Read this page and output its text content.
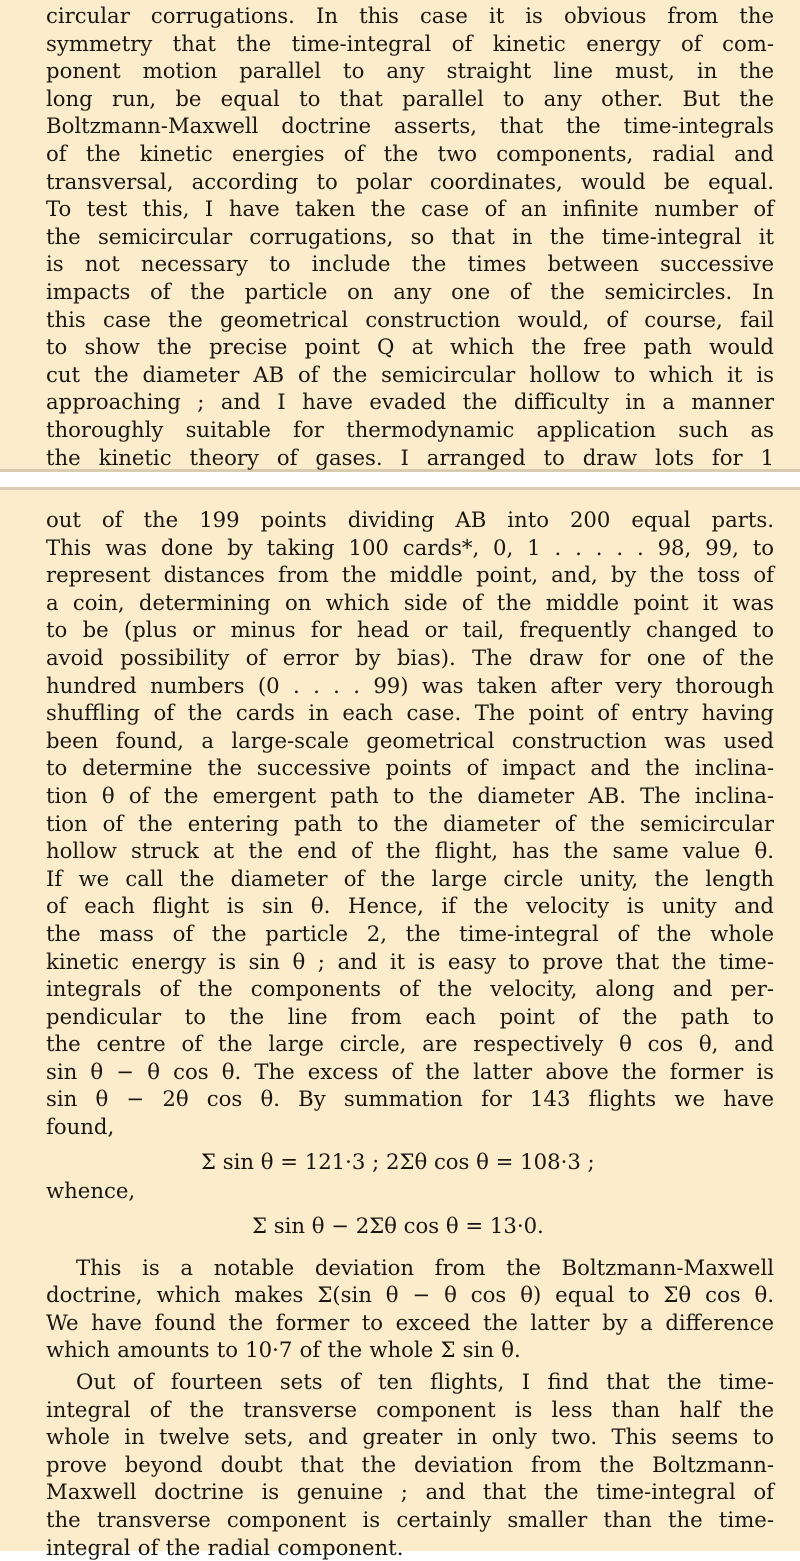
circular corrugations. In this case it is obvious from the
symmetry that the time-integral of kinetic energy of com-
ponent motion parallel to any straight line must, in the
long run, be equal to that parallel to any other. But the
Boltzmann-Maxwell doctrine asserts, that the time-integrals
of the kinetic energies of the two components, radial and
transversal, according to polar coordinates, would be equal.
To test this, I have taken the case of an infinite number of
the semicircular corrugations, so that in the time-integral it
is not necessary to include the times between successive
impacts of the particle on any one of the semicircles. In
this case the geometrical construction would, of course, fail
to show the precise point Q at which the free path would
cut the diameter AB of the semicircular hollow to which it is
approaching ; and I have evaded the difficulty in a manner
thoroughly suitable for thermodynamic application such as
the kinetic theory of gases. I arranged to draw lots for 1

out of the 199 points dividing AB into 200 equal parts.
This was done by taking 100 cards*, 0, 1 . . . . . 98, 99, to
represent distances from the middle point, and, by the toss of
a coin, determining on which side of the middle point it was
to be (plus or minus for head or tail, frequently changed to
avoid possibility of error by bias). The draw for one of the
hundred numbers (0 . . . . 99) was taken after very thorough
shuffling of the cards in each case. The point of entry having
been found, a large-scale geometrical construction was used
to determine the successive points of impact and the inclina-
tion θ of the emergent path to the diameter AB. The inclina-
tion of the entering path to the diameter of the semicircular
hollow struck at the end of the flight, has the same value θ.
If we call the diameter of the large circle unity, the length
of each flight is sin θ. Hence, if the velocity is unity and
the mass of the particle 2, the time-integral of the whole
kinetic energy is sin θ ; and it is easy to prove that the time-
integrals of the components of the velocity, along and per-
pendicular to the line from each point of the path to
the centre of the large circle, are respectively θ cos θ, and
sin θ − θ cos θ. The excess of the latter above the former is
sin θ − 2θ cos θ. By summation for 143 flights we have
found,

Σ sin θ = 121·3 ; 2Σθ cos θ = 108·3 ;
whence,
Σ sin θ − 2Σθ cos θ = 13·0.

This is a notable deviation from the Boltzmann-Maxwell
doctrine, which makes Σ(sin θ − θ cos θ) equal to Σθ cos θ.
We have found the former to exceed the latter by a difference
which amounts to 10·7 of the whole Σ sin θ.

Out of fourteen sets of ten flights, I find that the time-
integral of the transverse component is less than half the
whole in twelve sets, and greater in only two. This seems to
prove beyond doubt that the deviation from the Boltzmann-
Maxwell doctrine is genuine ; and that the time-integral of
the transverse component is certainly smaller than the time-
integral of the radial component.
